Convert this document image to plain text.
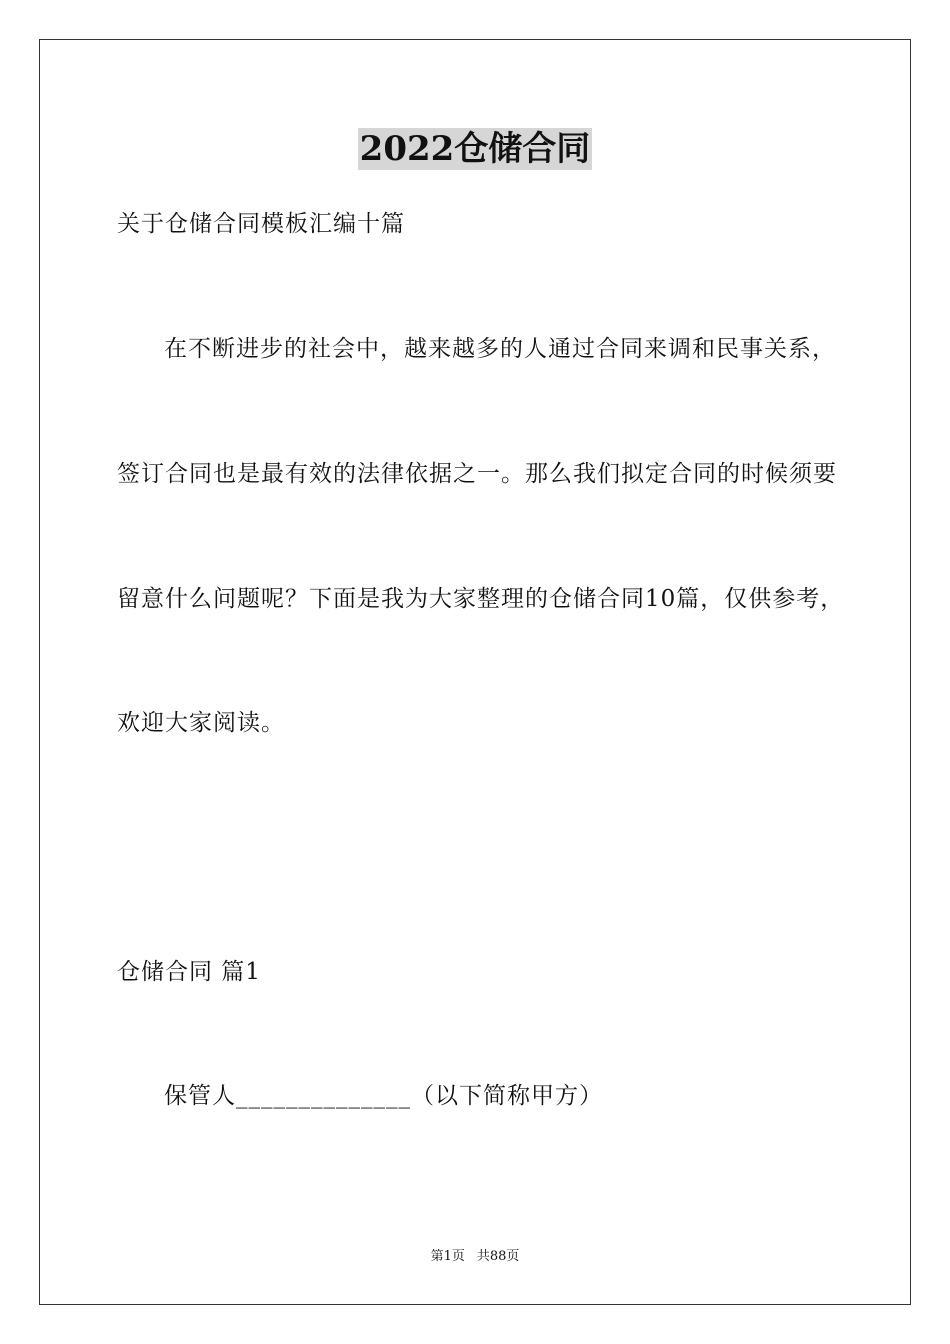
2022仓储合同
关于仓储合同模板汇编十篇
在不断进步的社会中，越来越多的人通过合同来调和民事关系，
签订合同也是最有效的法律依据之一。那么我们拟定合同的时候须要
留意什么问题呢？下面是我为大家整理的仓储合同10篇，仅供参考，
欢迎大家阅读。
仓储合同 篇1
保管人______________（以下简称甲方）
第1页 共88页
